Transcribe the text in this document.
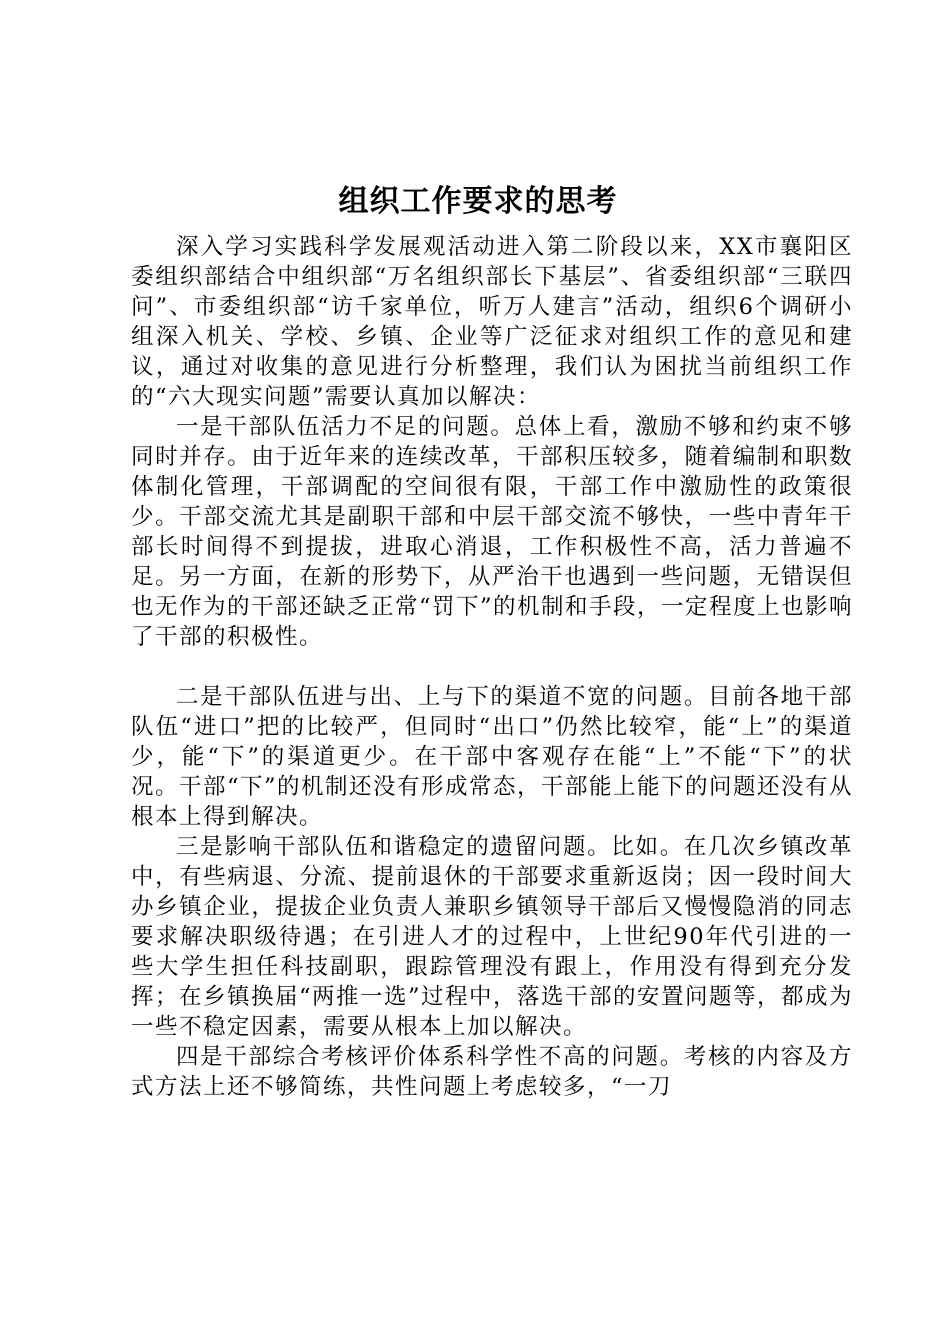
组织工作要求的思考

深入学习实践科学发展观活动进入第二阶段以来，XX市襄阳区委组织部结合中组织部“万名组织部长下基层”、省委组织部“三联四问”、市委组织部“访千家单位，听万人建言”活动，组织6个调研小组深入机关、学校、乡镇、企业等广泛征求对组织工作的意见和建议，通过对收集的意见进行分析整理，我们认为困扰当前组织工作的“六大现实问题”需要认真加以解决：

一是干部队伍活力不足的问题。总体上看，激励不够和约束不够同时并存。由于近年来的连续改革，干部积压较多，随着编制和职数体制化管理，干部调配的空间很有限，干部工作中激励性的政策很少。干部交流尤其是副职干部和中层干部交流不够快，一些中青年干部长时间得不到提拔，进取心消退，工作积极性不高，活力普遍不足。另一方面，在新的形势下，从严治干也遇到一些问题，无错误但也无作为的干部还缺乏正常“罚下”的机制和手段，一定程度上也影响了干部的积极性。

二是干部队伍进与出、上与下的渠道不宽的问题。目前各地干部队伍“进口”把的比较严，但同时“出口”仍然比较窄，能“上”的渠道少，能“下”的渠道更少。在干部中客观存在能“上”不能“下”的状况。干部“下”的机制还没有形成常态，干部能上能下的问题还没有从根本上得到解决。

三是影响干部队伍和谐稳定的遗留问题。比如。在几次乡镇改革中，有些病退、分流、提前退休的干部要求重新返岗；因一段时间大办乡镇企业，提拔企业负责人兼职乡镇领导干部后又慢慢隐消的同志要求解决职级待遇；在引进人才的过程中，上世纪90年代引进的一些大学生担任科技副职，跟踪管理没有跟上，作用没有得到充分发挥；在乡镇换届“两推一选”过程中，落选干部的安置问题等，都成为一些不稳定因素，需要从根本上加以解决。

四是干部综合考核评价体系科学性不高的问题。考核的内容及方式方法上还不够简练，共性问题上考虑较多，“一刀
